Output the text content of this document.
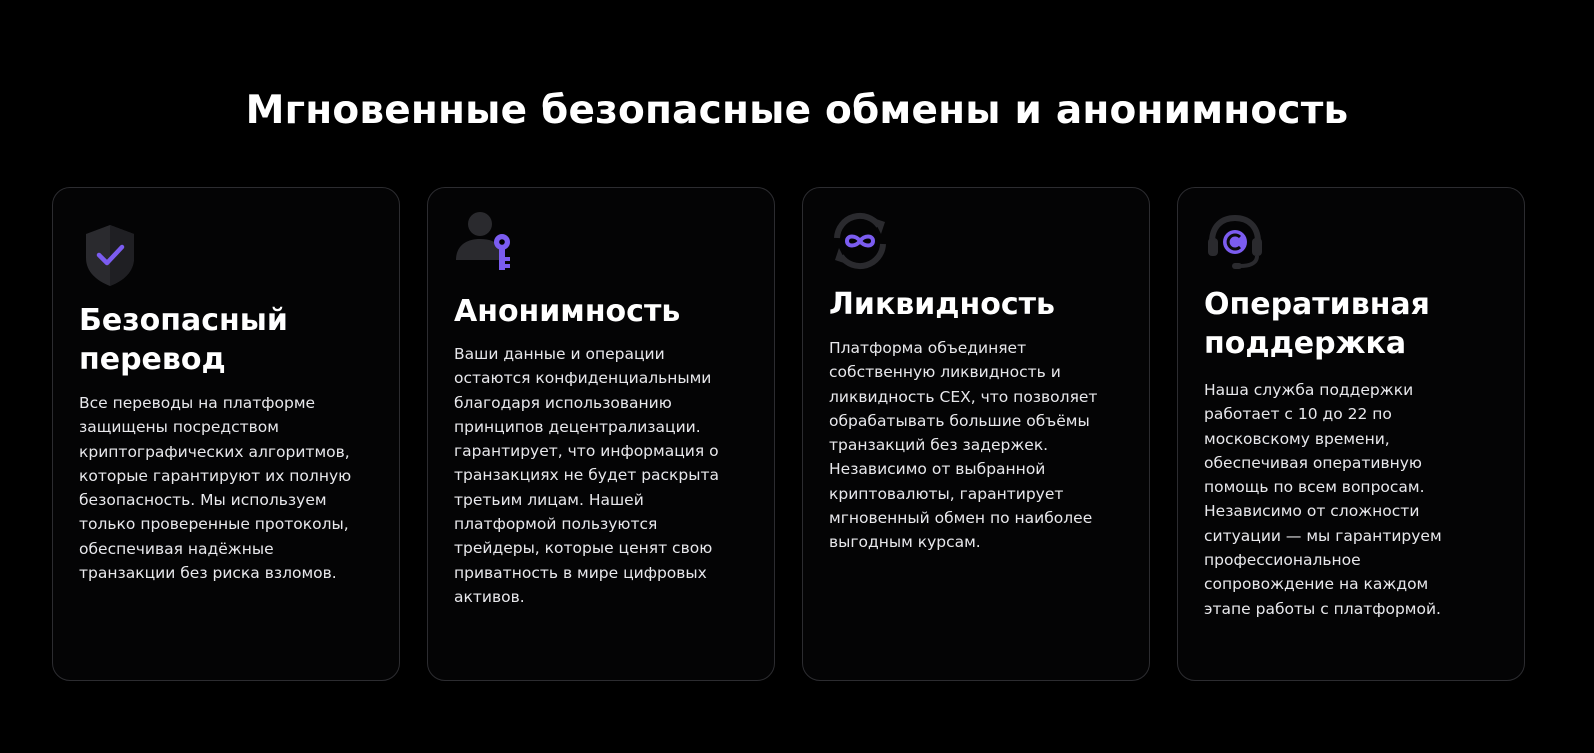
Мгновенные безопасные обмены и анонимность
Безопасный перевод

Все переводы на платформе защищены посредством криптографических алгоритмов, которые гарантируют их полную безопасность. Мы используем только проверенные протоколы, обеспечивая надёжные транзакции без риска взломов.

Анонимность

Ваши данные и операции остаются конфиденциальными благодаря использованию принципов децентрализации. гарантирует, что информация о транзакциях не будет раскрыта третьим лицам. Нашей платформой пользуются трейдеры, которые ценят свою приватность в мире цифровых активов.

Ликвидность

Платформа объединяет собственную ликвидность и ликвидность CEX, что позволяет обрабатывать большие объёмы транзакций без задержек. Независимо от выбранной криптовалюты, гарантирует мгновенный обмен по наиболее выгодным курсам.

Оперативная поддержка

Наша служба поддержки работает с 10 до 22 по московскому времени, обеспечивая оперативную помощь по всем вопросам. Независимо от сложности ситуации — мы гарантируем профессиональное сопровождение на каждом этапе работы с платформой.
